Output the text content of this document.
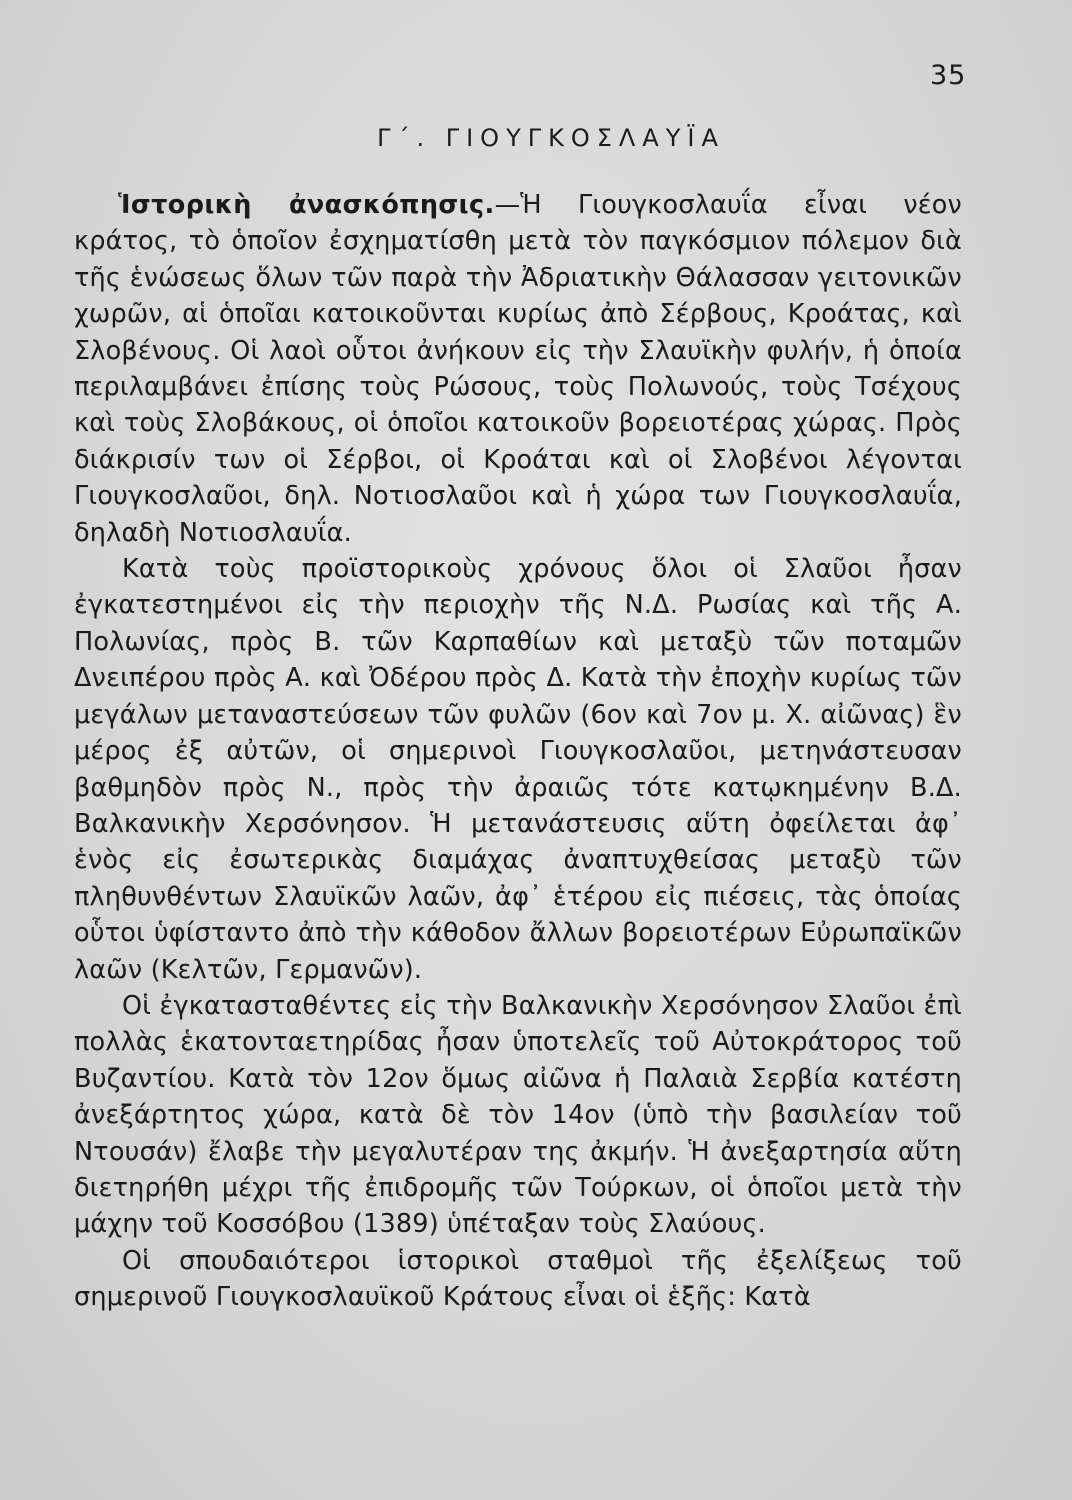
35
Γ΄. ΓΙΟΥΓΚΟΣΛΑΥΪΑ

Ἱστορικὴ ἀνασκόπησις.—Ἡ Γιουγκοσλαυΐα εἶναι νέον κράτος, τὸ ὁποῖον ἐσχηματίσθη μετὰ τὸν παγκόσμιον πόλεμον διὰ τῆς ἑνώσεως ὅλων τῶν παρὰ τὴν Ἀδριατικὴν Θάλασσαν γειτονικῶν χωρῶν, αἱ ὁποῖαι κατοικοῦνται κυρίως ἀπὸ Σέρβους, Κροάτας, καὶ Σλοβένους. Οἱ λαοὶ οὗτοι ἀνήκουν εἰς τὴν Σλαυϊκὴν φυλήν, ἡ ὁποία περιλαμβάνει ἐπίσης τοὺς Ρώσους, τοὺς Πολωνούς, τοὺς Τσέχους καὶ τοὺς Σλοβάκους, οἱ ὁποῖοι κατοικοῦν βορειοτέρας χώρας. Πρὸς διάκρισίν των οἱ Σέρβοι, οἱ Κροάται καὶ οἱ Σλοβένοι λέγονται Γιουγκοσλαῦοι, δηλ. Νοτιοσλαῦοι καὶ ἡ χώρα των Γιουγκοσλαυΐα, δηλαδὴ Νοτιοσλαυΐα.

Κατὰ τοὺς προϊστορικοὺς χρόνους ὅλοι οἱ Σλαῦοι ἦσαν ἐγκατεστημένοι εἰς τὴν περιοχὴν τῆς Ν.Δ. Ρωσίας καὶ τῆς Α. Πολωνίας, πρὸς Β. τῶν Καρπαθίων καὶ μεταξὺ τῶν ποταμῶν Δνειπέρου πρὸς Α. καὶ Ὀδέρου πρὸς Δ. Κατὰ τὴν ἐποχὴν κυρίως τῶν μεγάλων μεταναστεύσεων τῶν φυλῶν (6ον καὶ 7ον μ. Χ. αἰῶνας) ἓν μέρος ἐξ αὐτῶν, οἱ σημερινοὶ Γιουγκοσλαῦοι, μετηνάστευσαν βαθμηδὸν πρὸς Ν., πρὸς τὴν ἀραιῶς τότε κατῳκημένην Β.Δ. Βαλκανικὴν Χερσόνησον. Ἡ μετανάστευσις αὕτη ὀφείλεται ἀφ᾿ ἑνὸς εἰς ἐσωτερικὰς διαμάχας ἀναπτυχθείσας μεταξὺ τῶν πληθυνθέντων Σλαυϊκῶν λαῶν, ἀφ᾿ ἑτέρου εἰς πιέσεις, τὰς ὁποίας οὗτοι ὑφίσταντο ἀπὸ τὴν κάθοδον ἄλλων βορειοτέρων Εὐρωπαϊκῶν λαῶν (Κελτῶν, Γερμανῶν).

Οἱ ἐγκατασταθέντες εἰς τὴν Βαλκανικὴν Χερσόνησον Σλαῦοι ἐπὶ πολλὰς ἑκατονταετηρίδας ἦσαν ὑποτελεῖς τοῦ Αὐτοκράτορος τοῦ Βυζαντίου. Κατὰ τὸν 12ον ὅμως αἰῶνα ἡ Παλαιὰ Σερβία κατέστη ἀνεξάρτητος χώρα, κατὰ δὲ τὸν 14ον (ὑπὸ τὴν βασιλείαν τοῦ Ντουσάν) ἔλαβε τὴν μεγαλυτέραν της ἀκμήν. Ἡ ἀνεξαρτησία αὕτη διετηρήθη μέχρι τῆς ἐπιδρομῆς τῶν Τούρκων, οἱ ὁποῖοι μετὰ τὴν μάχην τοῦ Κοσσόβου (1389) ὑπέταξαν τοὺς Σλαύους.

Οἱ σπουδαιότεροι ἱστορικοὶ σταθμοὶ τῆς ἐξελίξεως τοῦ σημερινοῦ Γιουγκοσλαυϊκοῦ Κράτους εἶναι οἱ ἑξῆς: Κατὰ
